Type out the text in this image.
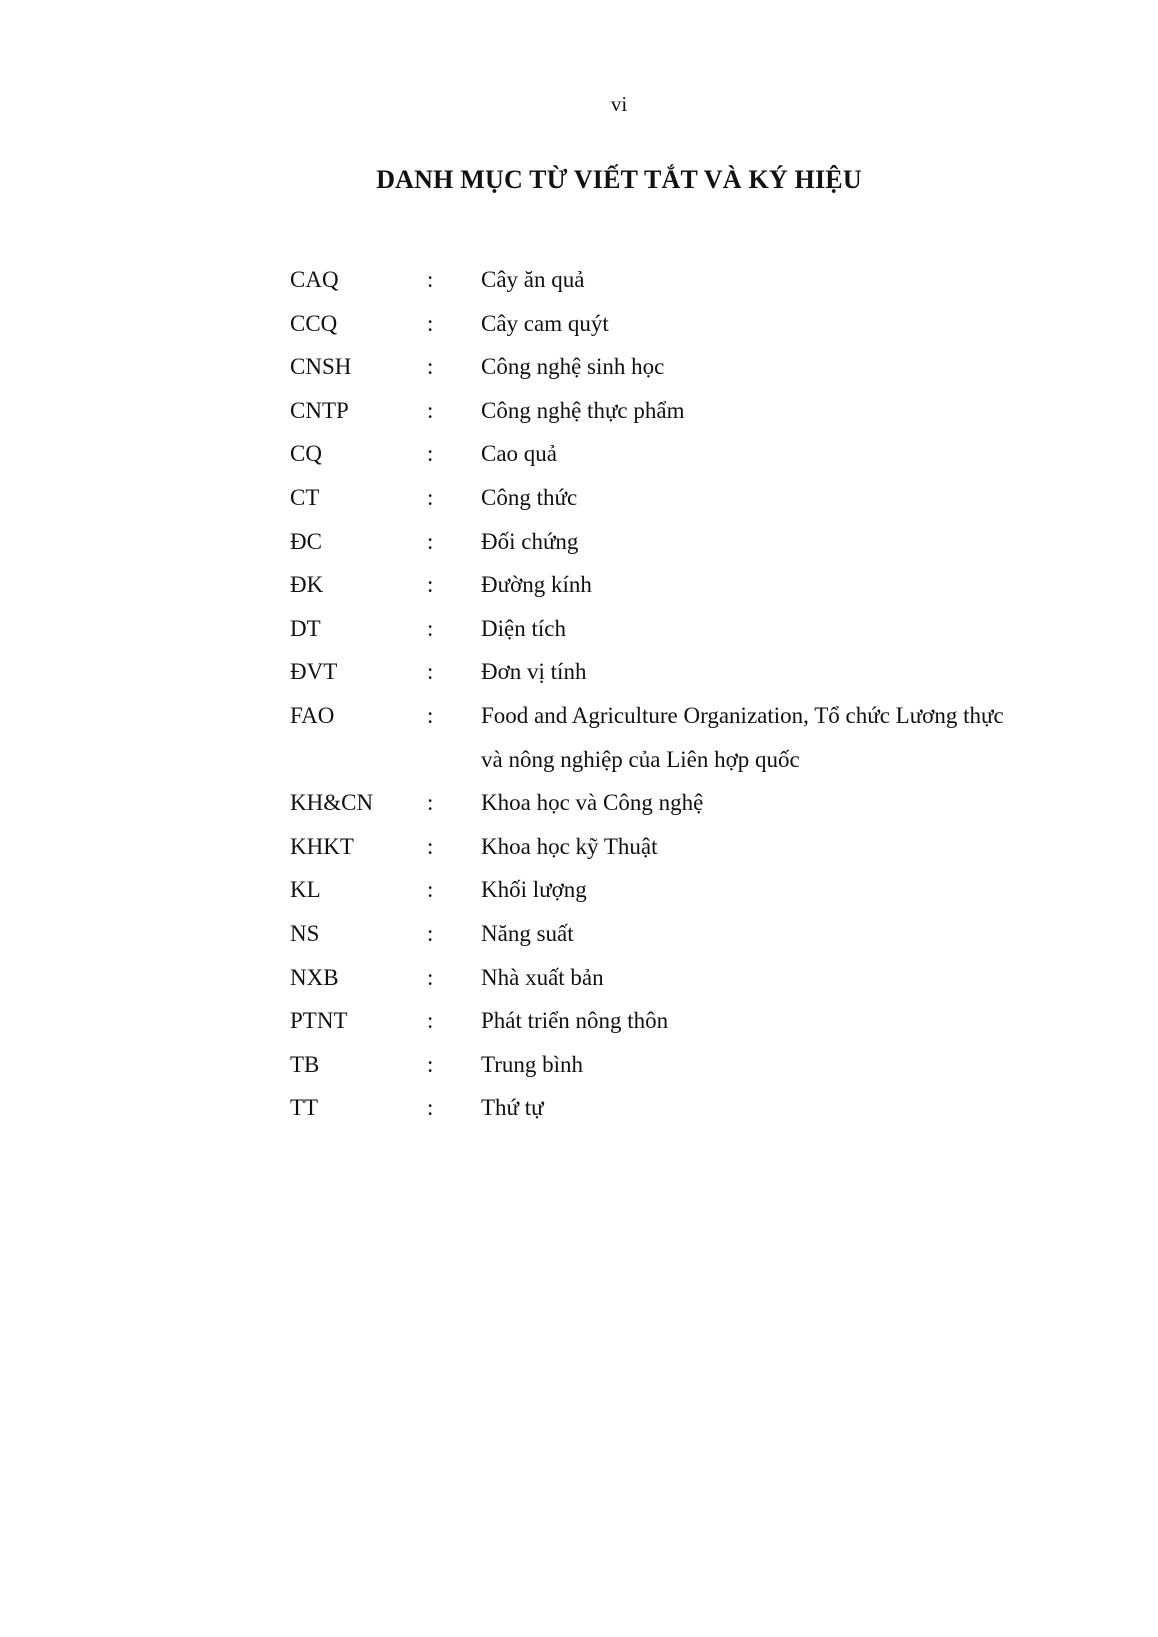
vi
DANH MỤC TỪ VIẾT TẮT VÀ KÝ HIỆU
CAQ	:	Cây ăn quả
CCQ	:	Cây cam quýt
CNSH	:	Công nghệ sinh học
CNTP	:	Công nghệ thực phẩm
CQ	:	Cao quả
CT	:	Công thức
ĐC	:	Đối chứng
ĐK	:	Đường kính
DT	:	Diện tích
ĐVT	:	Đơn vị tính
FAO	:	Food and Agriculture Organization, Tổ chức Lương thực và nông nghiệp của Liên hợp quốc
KH&CN	:	Khoa học và Công nghệ
KHKT	:	Khoa học kỹ Thuật
KL	:	Khối lượng
NS	:	Năng suất
NXB	:	Nhà xuất bản
PTNT	:	Phát triển nông thôn
TB	:	Trung bình
TT	:	Thứ tự
